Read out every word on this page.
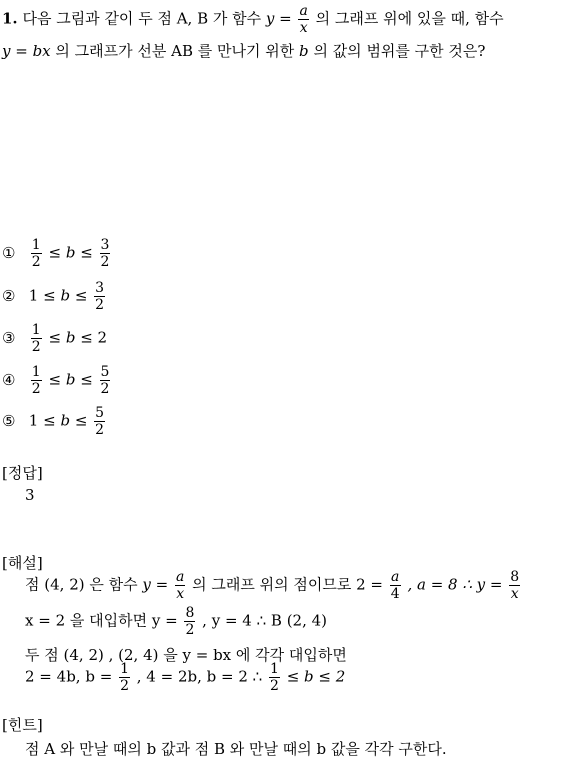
1. 다음 그림과 같이 두 점 A, B 가 함수 $y = \frac{a}{x}$ 의 그래프 위에 있을 때, 함수
y = bx 의 그래프가 선분 AB 를 만나기 위한 b 의 값의 범위를 구한 것은?
① $\frac{1}{2} \le b \le \frac{3}{2}$
② $1 \le b \le \frac{3}{2}$
③ $\frac{1}{2} \le b \le 2$
④ $\frac{1}{2} \le b \le \frac{5}{2}$
⑤ $1 \le b \le \frac{5}{2}$
[정답]
3
[해설]
점 (4, 2) 은 함수 $y = \frac{a}{x}$ 의 그래프 위의 점이므로 $2 = \frac{a}{4}$ , a = 8 ∴ $y = \frac{8}{x}$
x = 2 을 대입하면 $y = \frac{8}{2}$ , y = 4 ∴ B (2, 4)
두 점 (4, 2) , (2, 4) 을 y = bx 에 각각 대입하면
2 = 4b, $b = \frac{1}{2}$ , 4 = 2b, b = 2 ∴ $\frac{1}{2} \le b \le 2$
[힌트]
점 A 와 만날 때의 b 값과 점 B 와 만날 때의 b 값을 각각 구한다.
